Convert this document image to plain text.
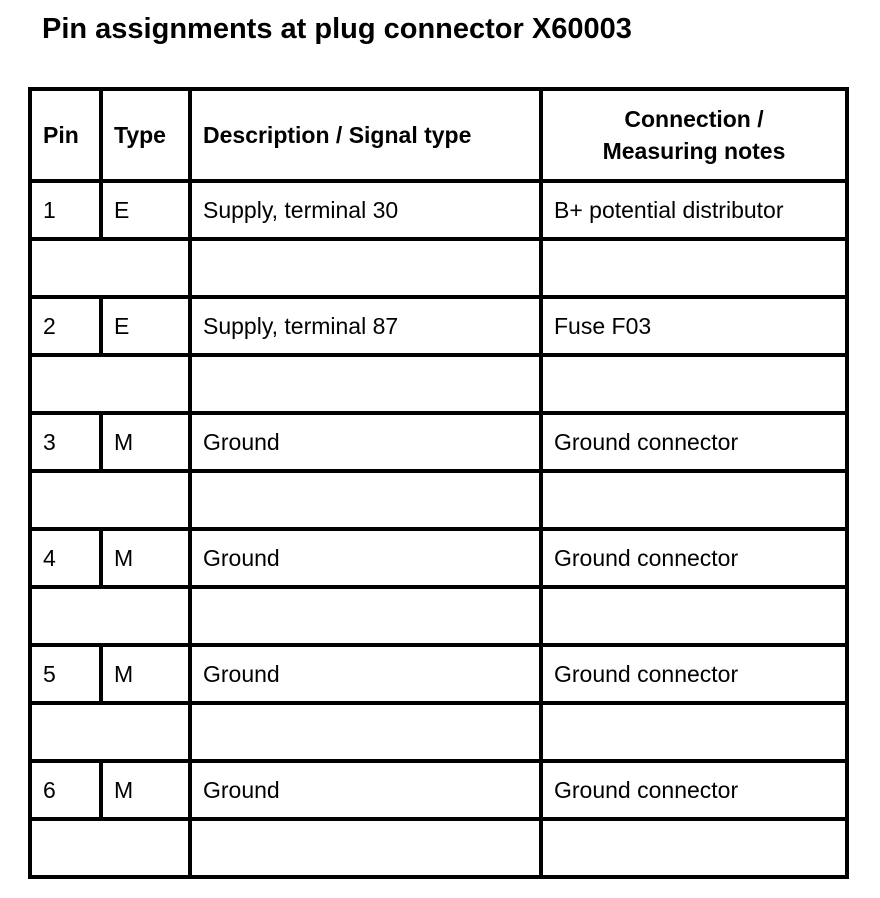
Pin assignments at plug connector X60003
Pin	Type	Description / Signal type	Connection /
Measuring notes
1	E	Supply, terminal 30	B+ potential distributor

2	E	Supply, terminal 87	Fuse F03

3	M	Ground	Ground connector

4	M	Ground	Ground connector

5	M	Ground	Ground connector

6	M	Ground	Ground connector
